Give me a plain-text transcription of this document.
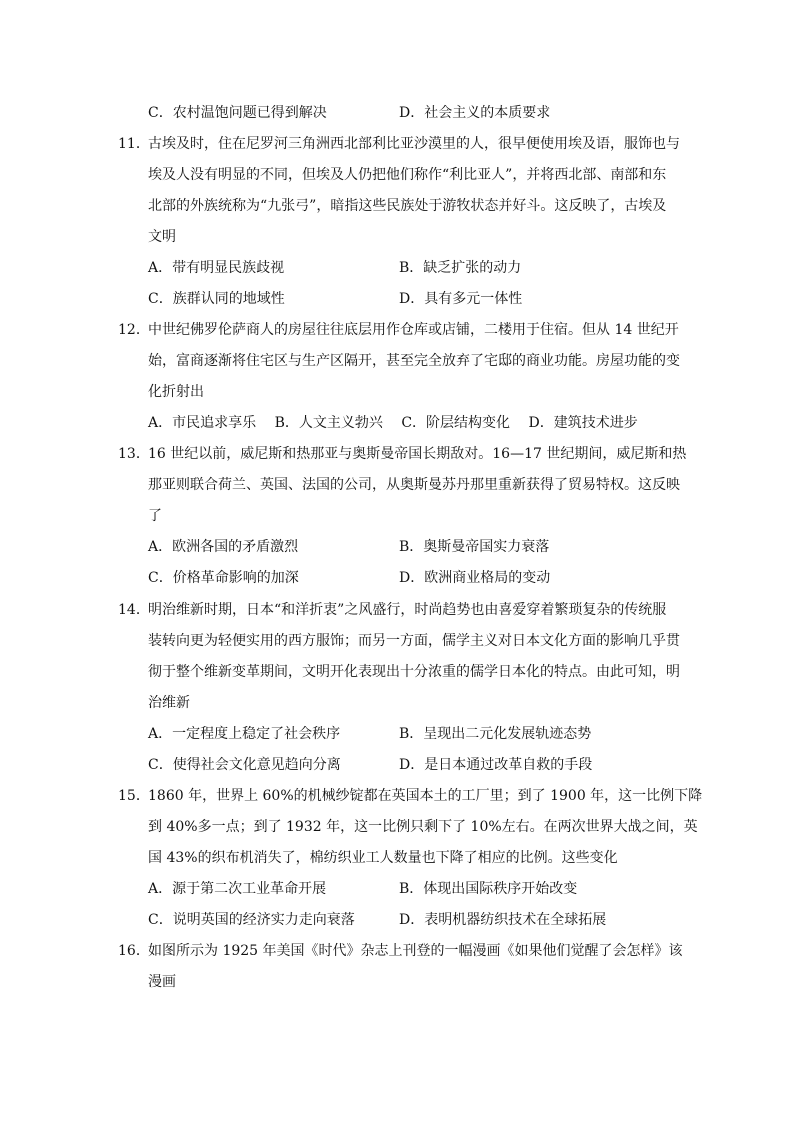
C．农村温饱问题已得到解决	D．社会主义的本质要求
11．
古埃及时，住在尼罗河三角洲西北部利比亚沙漠里的人，很早便使用埃及语，服饰也与
埃及人没有明显的不同，但埃及人仍把他们称作“利比亚人”，并将西北部、南部和东
北部的外族统称为“九张弓”，暗指这些民族处于游牧状态并好斗。这反映了，古埃及
文明
A．带有明显民族歧视	B．缺乏扩张的动力
C．族群认同的地域性	D．具有多元一体性
12．
中世纪佛罗伦萨商人的房屋往往底层用作仓库或店铺，二楼用于住宿。但从 14 世纪开
始，富商逐渐将住宅区与生产区隔开，甚至完全放弃了宅邸的商业功能。房屋功能的变
化折射出
A．市民追求享乐 B．人文主义勃兴 C．阶层结构变化 D．建筑技术进步
13．
16 世纪以前，威尼斯和热那亚与奥斯曼帝国长期敌对。16—17 世纪期间，威尼斯和热
那亚则联合荷兰、英国、法国的公司，从奥斯曼苏丹那里重新获得了贸易特权。这反映
了
A．欧洲各国的矛盾激烈	B．奥斯曼帝国实力衰落
C．价格革命影响的加深	D．欧洲商业格局的变动
14．
明治维新时期，日本“和洋折衷”之风盛行，时尚趋势也由喜爱穿着繁琐复杂的传统服
装转向更为轻便实用的西方服饰；而另一方面，儒学主义对日本文化方面的影响几乎贯
彻于整个维新变革期间，文明开化表现出十分浓重的儒学日本化的特点。由此可知，明
治维新
A．一定程度上稳定了社会秩序	B．呈现出二元化发展轨迹态势
C．使得社会文化意见趋向分离	D．是日本通过改革自救的手段
15．
1860 年，世界上 60%的机械纱锭都在英国本土的工厂里；到了 1900 年，这一比例下降
到 40%多一点；到了 1932 年，这一比例只剩下了 10%左右。在两次世界大战之间，英
国 43%的织布机消失了，棉纺织业工人数量也下降了相应的比例。这些变化
A．源于第二次工业革命开展	B．体现出国际秩序开始改变
C．说明英国的经济实力走向衰落	D．表明机器纺织技术在全球拓展
16．
如图所示为 1925 年美国《时代》杂志上刊登的一幅漫画《如果他们觉醒了会怎样》该
漫画
